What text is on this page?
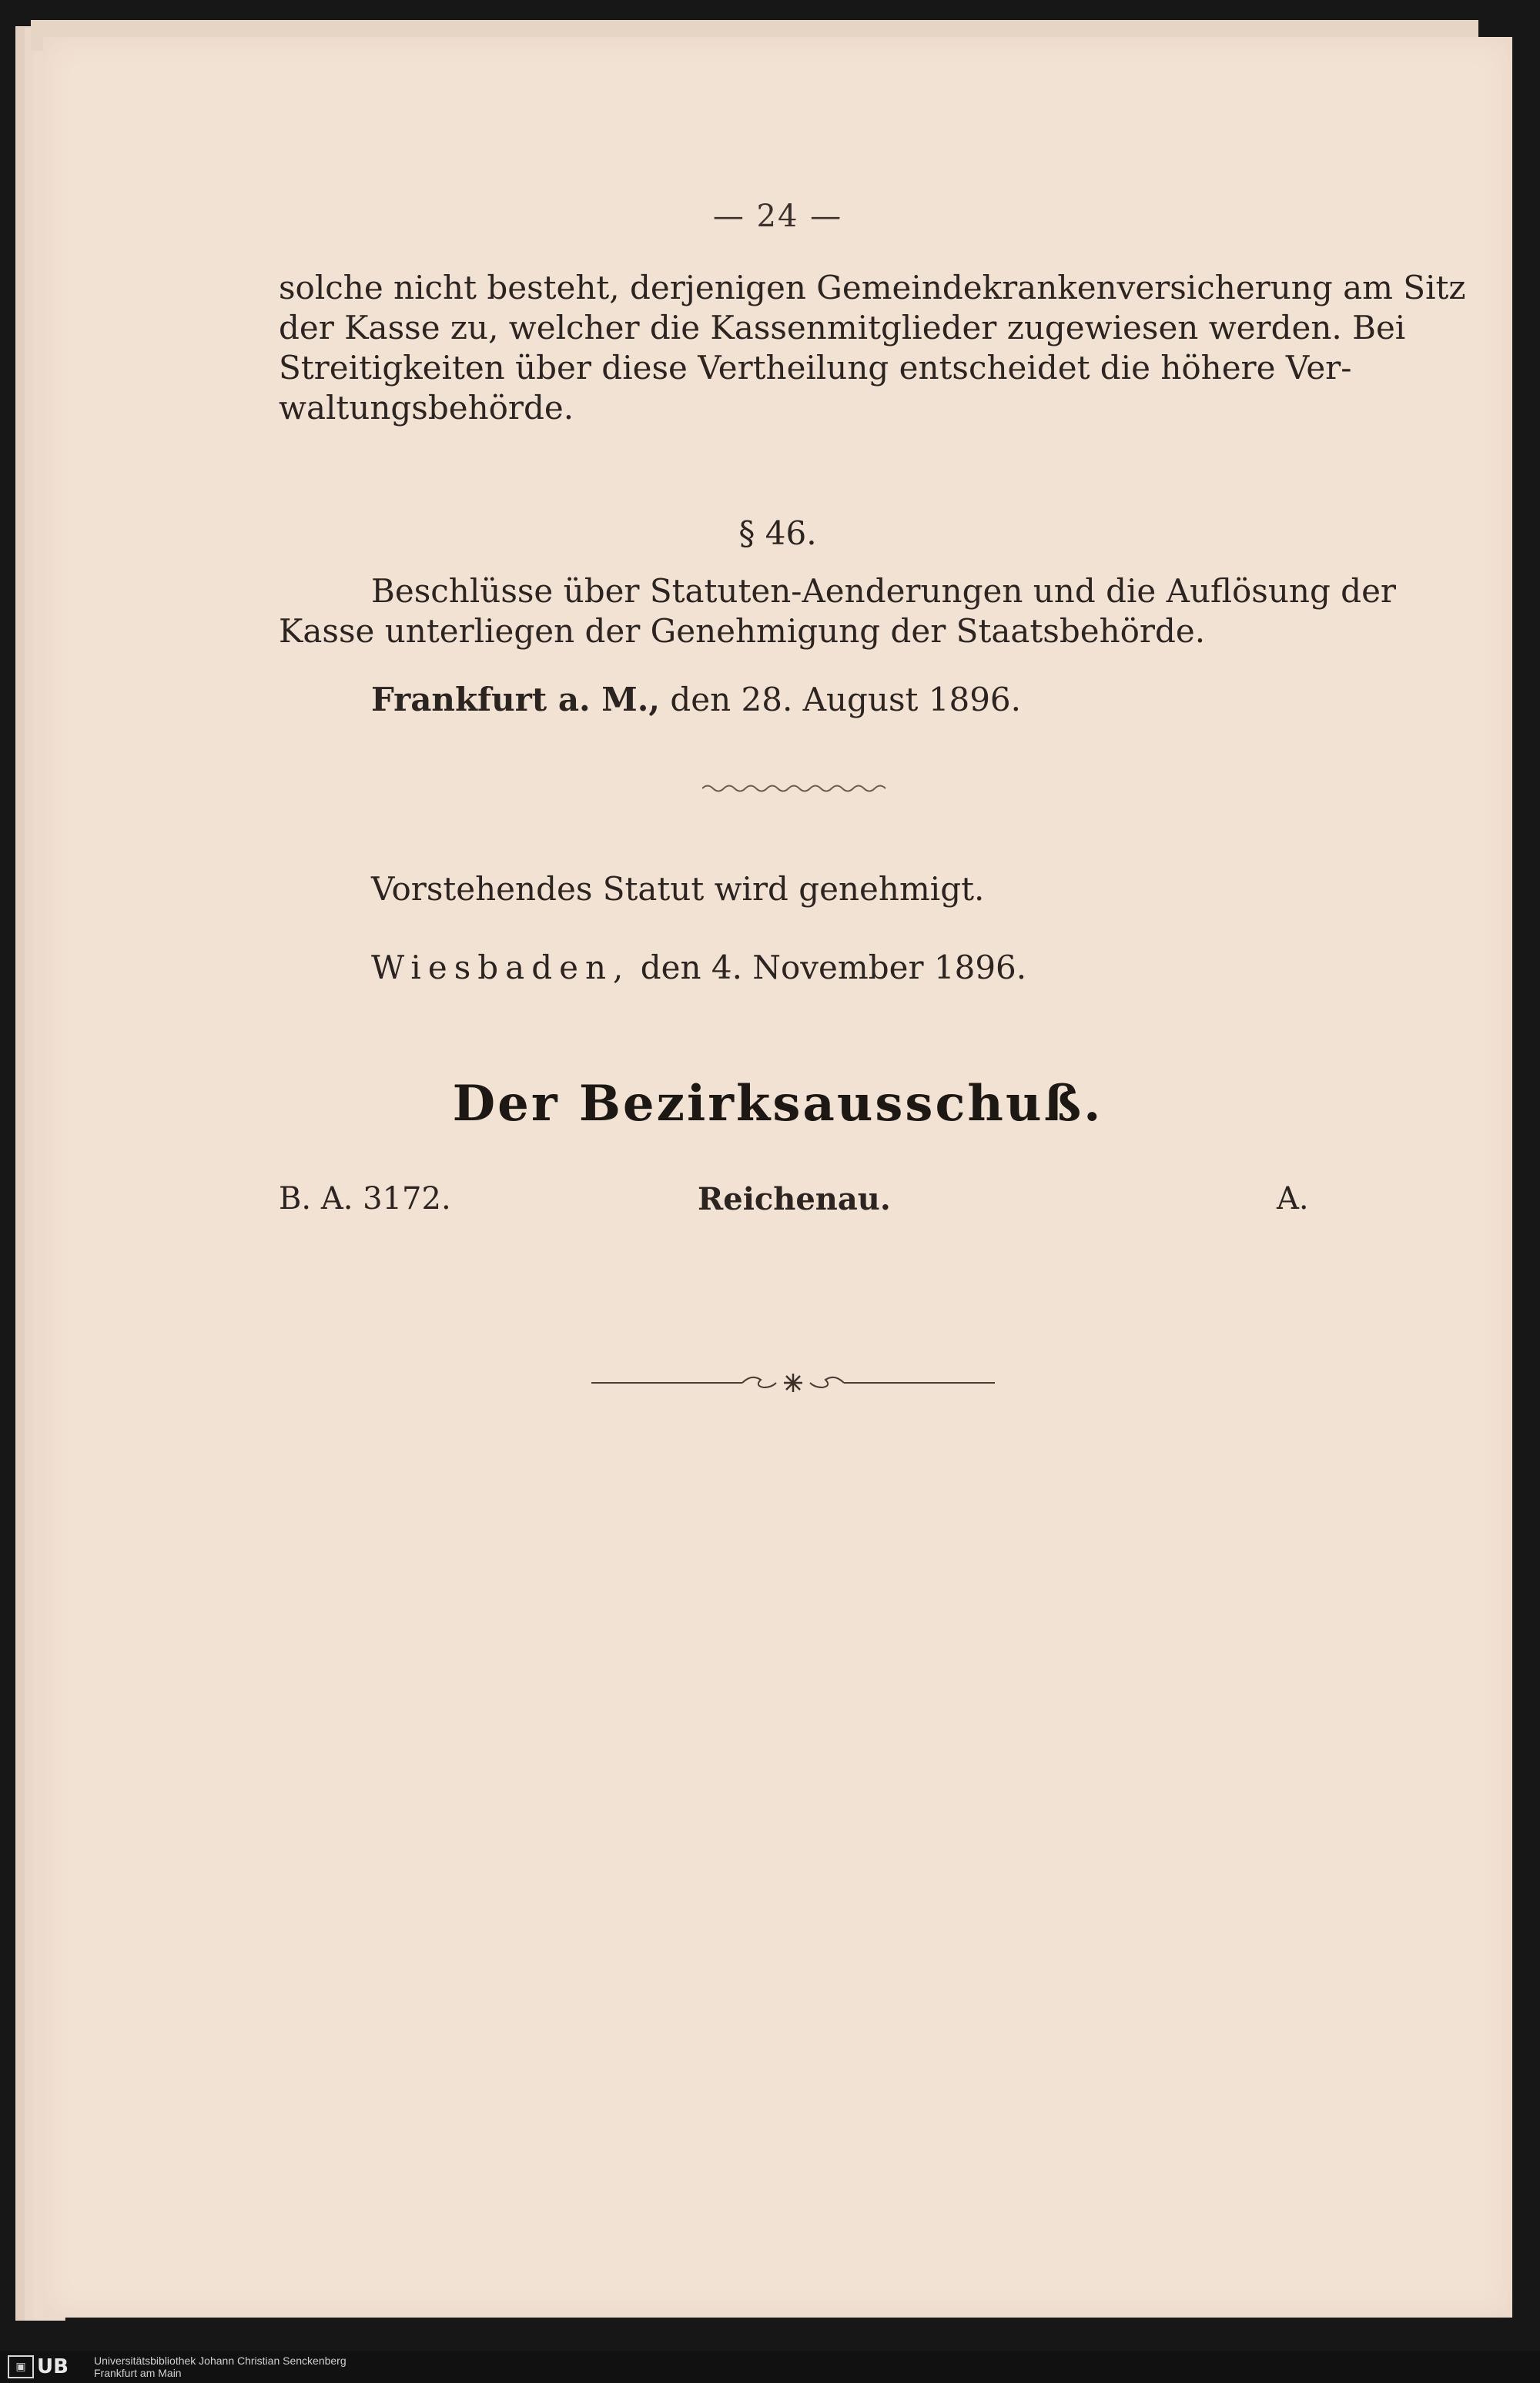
— 24 —
solche nicht besteht, derjenigen Gemeindekrankenversicherung am Sitz
der Kasse zu, welcher die Kassenmitglieder zugewiesen werden. Bei
Streitigkeiten über diese Vertheilung entscheidet die höhere Ver-
waltungsbehörde.
§ 46.
Beschlüsse über Statuten-Aenderungen und die Auflösung der
Kasse unterliegen der Genehmigung der Staatsbehörde.
Frankfurt a. M., den 28. August 1896.
Vorstehendes Statut wird genehmigt.
Wiesbaden, den 4. November 1896.
Der Bezirksausschuß.
B. A. 3172.	Reichenau.	A.
▣ UB Universitätsbibliothek Johann Christian Senckenberg
Frankfurt am Main
